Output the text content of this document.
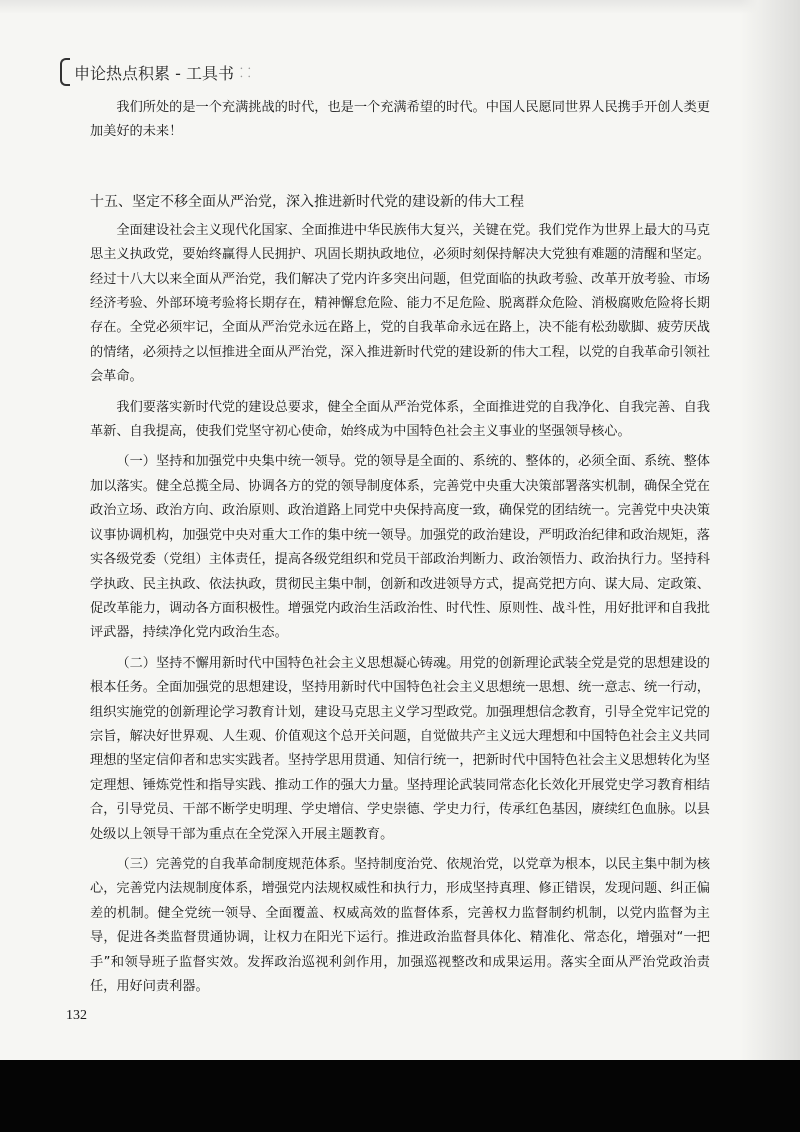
申论热点积累 - 工具书 ⸬

我们所处的是一个充满挑战的时代，也是一个充满希望的时代。中国人民愿同世界人民携手开创人类更加美好的未来！

十五、坚定不移全面从严治党，深入推进新时代党的建设新的伟大工程

全面建设社会主义现代化国家、全面推进中华民族伟大复兴，关键在党。我们党作为世界上最大的马克思主义执政党，要始终赢得人民拥护、巩固长期执政地位，必须时刻保持解决大党独有难题的清醒和坚定。经过十八大以来全面从严治党，我们解决了党内许多突出问题，但党面临的执政考验、改革开放考验、市场经济考验、外部环境考验将长期存在，精神懈怠危险、能力不足危险、脱离群众危险、消极腐败危险将长期存在。全党必须牢记，全面从严治党永远在路上，党的自我革命永远在路上，决不能有松劲歇脚、疲劳厌战的情绪，必须持之以恒推进全面从严治党，深入推进新时代党的建设新的伟大工程，以党的自我革命引领社会革命。

我们要落实新时代党的建设总要求，健全全面从严治党体系，全面推进党的自我净化、自我完善、自我革新、自我提高，使我们党坚守初心使命，始终成为中国特色社会主义事业的坚强领导核心。

（一）坚持和加强党中央集中统一领导。党的领导是全面的、系统的、整体的，必须全面、系统、整体加以落实。健全总揽全局、协调各方的党的领导制度体系，完善党中央重大决策部署落实机制，确保全党在政治立场、政治方向、政治原则、政治道路上同党中央保持高度一致，确保党的团结统一。完善党中央决策议事协调机构，加强党中央对重大工作的集中统一领导。加强党的政治建设，严明政治纪律和政治规矩，落实各级党委（党组）主体责任，提高各级党组织和党员干部政治判断力、政治领悟力、政治执行力。坚持科学执政、民主执政、依法执政，贯彻民主集中制，创新和改进领导方式，提高党把方向、谋大局、定政策、促改革能力，调动各方面积极性。增强党内政治生活政治性、时代性、原则性、战斗性，用好批评和自我批评武器，持续净化党内政治生态。

（二）坚持不懈用新时代中国特色社会主义思想凝心铸魂。用党的创新理论武装全党是党的思想建设的根本任务。全面加强党的思想建设，坚持用新时代中国特色社会主义思想统一思想、统一意志、统一行动，组织实施党的创新理论学习教育计划，建设马克思主义学习型政党。加强理想信念教育，引导全党牢记党的宗旨，解决好世界观、人生观、价值观这个总开关问题，自觉做共产主义远大理想和中国特色社会主义共同理想的坚定信仰者和忠实实践者。坚持学思用贯通、知信行统一，把新时代中国特色社会主义思想转化为坚定理想、锤炼党性和指导实践、推动工作的强大力量。坚持理论武装同常态化长效化开展党史学习教育相结合，引导党员、干部不断学史明理、学史增信、学史崇德、学史力行，传承红色基因，赓续红色血脉。以县处级以上领导干部为重点在全党深入开展主题教育。

（三）完善党的自我革命制度规范体系。坚持制度治党、依规治党，以党章为根本，以民主集中制为核心，完善党内法规制度体系，增强党内法规权威性和执行力，形成坚持真理、修正错误，发现问题、纠正偏差的机制。健全党统一领导、全面覆盖、权威高效的监督体系，完善权力监督制约机制，以党内监督为主导，促进各类监督贯通协调，让权力在阳光下运行。推进政治监督具体化、精准化、常态化，增强对“一把手”和领导班子监督实效。发挥政治巡视利剑作用，加强巡视整改和成果运用。落实全面从严治党政治责任，用好问责利器。

132
